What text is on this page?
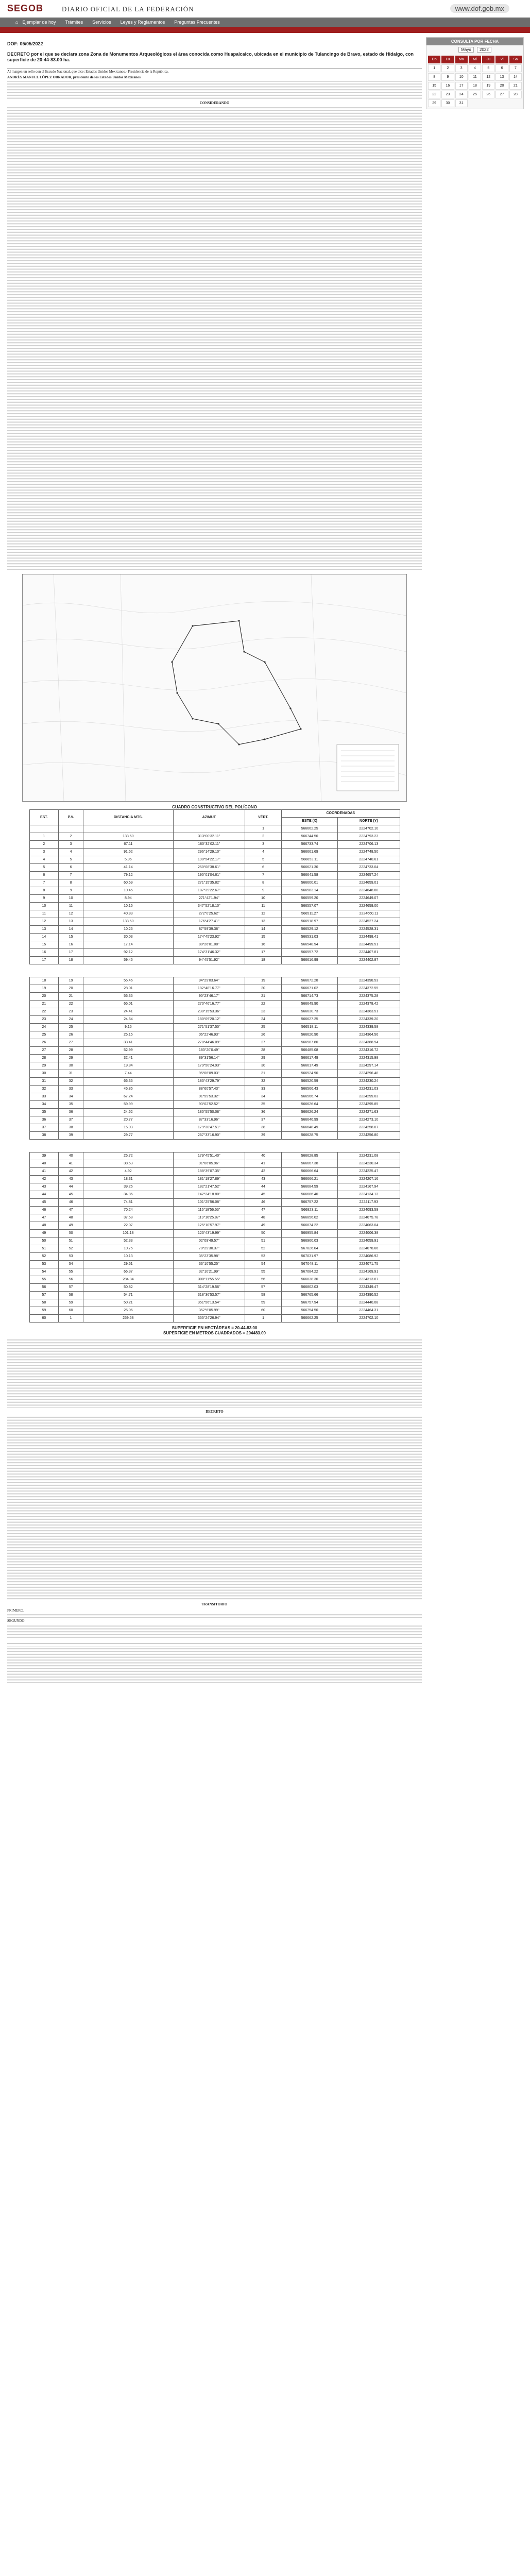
SEGOB	DIARIO OFICIAL DE LA FEDERACIÓN	www.dof.gob.mx
⌂ Ejemplar de hoy Trámites Servicios Leyes y Reglamentos Preguntas Frecuentes
DOF: 05/05/2022
DECRETO por el que se declara zona Zona de Monumentos Arqueológicos el área conocida como Huapalcalco, ubicada en el municipio de Tulancingo de Bravo, estado de Hidalgo, con superficie de 20-44-83.00 ha.
Al margen un sello con el Escudo Nacional, que dice: Estados Unidos Mexicanos.- Presidencia de la República.

ANDRÉS MANUEL LÓPEZ OBRADOR, presidente de los Estados Unidos Mexicanos

CONSIDERANDO
CUADRO CONSTRUCTIVO DEL POLÍGONO
EST.	P.V.	DISTANCIA MTS.	AZIMUT	VÉRT.	COORDENADAS	
					ESTE (X)	NORTE (Y)
				1	566662.25	2224702.10
1	2	133.60	313°00'32.11"	2	566744.50	2224793.23
2	3	67.11	180°32'02.11"	3	566733.74	2224706.13
3	4	91.52	296°14'29.10"	4	566661.69	2224748.50
4	5	5.96	190°54'22.17"	5	566653.11	2224740.61
5	6	41.14	250°08'38.61"	6	566621.30	2224733.04
6	7	79.12	190°01'04.61"	7	566641.58	2224657.24
7	8	60.69	271°15'35.82"	8	566600.01	2224659.01
8	9	10.45	187°39'22.67"	9	566583.14	2224648.80
9	10	8.94	271°42'1.94"	10	566559.20	2224649.07
10	11	10.16	347°52'18.10"	11	566557.07	2224659.00
11	12	40.83	272°0'25.62"	12	566511.27	2224660.11
12	13	133.50	176°4'27.41"	13	566518.97	2224527.24
13	14	10.26	87°59'39.38"	14	566529.12	2224528.31
14	15	30.03	174°45'23.92"	15	566531.03	2224498.41
15	16	17.14	80°26'01.08"	16	566548.94	2224499.51
16	17	92.12	174°31'46.32"	17	566557.72	2224407.81
17	18	59.46	94°45'51.92"	18	566616.99	2224402.87

18	19	55.46	94°29'03.64"	19	566672.28	2224398.53
19	20	28.01	182°48'16.77"	20	566671.02	2224372.55
20	21	56.36	90°23'46.17"	21	566714.73	2224375.28
21	22	65.01	270°46'16.77"	22	566649.90	2224378.42
22	23	24.41	230°15'53.36"	23	566630.73	2224363.51
23	24	24.64	180°09'20.12"	24	566627.25	2224339.20
24	25	9.15	271°51'37.50"	25	566518.11	2224339.58
25	26	25.15	06°22'46.93"	26	566620.90	2224364.56
26	27	33.41	278°44'46.09"	27	566587.80	2224368.94
27	28	52.99	183°20'0.49"	28	566485.08	2224316.72
28	29	32.41	89°31'56.14"	29	566617.49	2224315.98
29	30	19.84	179°50'24.93"	30	566617.49	2224297.14
30	31	7.44	95°06'09.03"	31	566524.90	2224296.48
31	32	66.36	183°43'29.79"	32	566520.59	2224230.24
32	33	45.85	88°60'57.43"	33	566566.43	2224231.03
33	34	67.24	01°59'53.32"	34	566566.74	2224299.03
34	35	59.99	93°02'52.52"	35	566626.64	2224295.85
35	36	24.62	180°55'50.08"	36	566626.24	2224271.63
36	37	20.77	87°33'16.96"	37	566646.99	2224273.10
37	38	15.03	179°30'47.51"	38	566648.49	2224258.07
38	39	29.77	267°33'16.90"	39	566628.75	2224256.80

39	40	25.72	179°45'51.40"	40	566628.85	2224231.08
40	41	38.53	91°06'05.96"	41	566667.38	2224230.34
41	42	4.92	188°39'07.35"	42	566666.64	2224225.47
42	43	18.31	181°19'27.89"	43	566666.21	2224207.16
43	44	39.26	182°21'47.52"	44	566684.59	2224167.94
44	45	34.86	142°24'18.80"	45	566686.40	2224134.13
45	46	74.81	101°25'56.08"	46	566757.22	2224117.93
46	47	70.24	116°18'56.53"	47	566823.11	2224093.59
47	48	37.58	119°16'25.87"	48	566856.02	2224075.78
48	49	22.07	125°10'57.97"	49	566874.22	2224063.04
49	50	101.18	123°43'19.99"	50	566955.84	2224006.38
50	51	52.33	02°09'49.57"	51	566960.03	2224059.91
51	52	10.75	70°29'30.37"	52	567026.04	2224078.66
52	53	10.13	35°23'35.98"	53	567031.97	2224086.92
53	54	29.61	33°10'55.25"	54	567048.11	2224071.75
54	55	66.37	32°10'21.99"	55	567084.22	2224169.91
55	56	284.84	300°11'55.55"	56	566838.30	2224313.87
56	57	50.82	314°28'19.56"	57	566802.03	2224349.47
57	58	54.71	318°36'53.57"	58	566765.66	2224390.52
58	59	50.21	351°56'13.54"	59	566757.94	2224440.08
59	60	25.06	352°6'05.99"	60	566754.50	2224464.31
60	1	259.68	355°24'26.94"	1	566662.25	2224702.10
SUPERFICIE EN HECTÁREAS = 20-44-83.00
SUPERFICIE EN METROS CUADRADOS = 204483.00
DECRETO
TRANSITORIO

PRIMERO.

SEGUNDO.

CONSULTA POR FECHA
Mayo 2022
Do	Lu	Ma	Mi	Ju	Vi	Sa
1	2	3	4	5	6	7
8	9	10	11	12	13	14
15	16	17	18	19	20	21
22	23	24	25	26	27	28
29	30	31
